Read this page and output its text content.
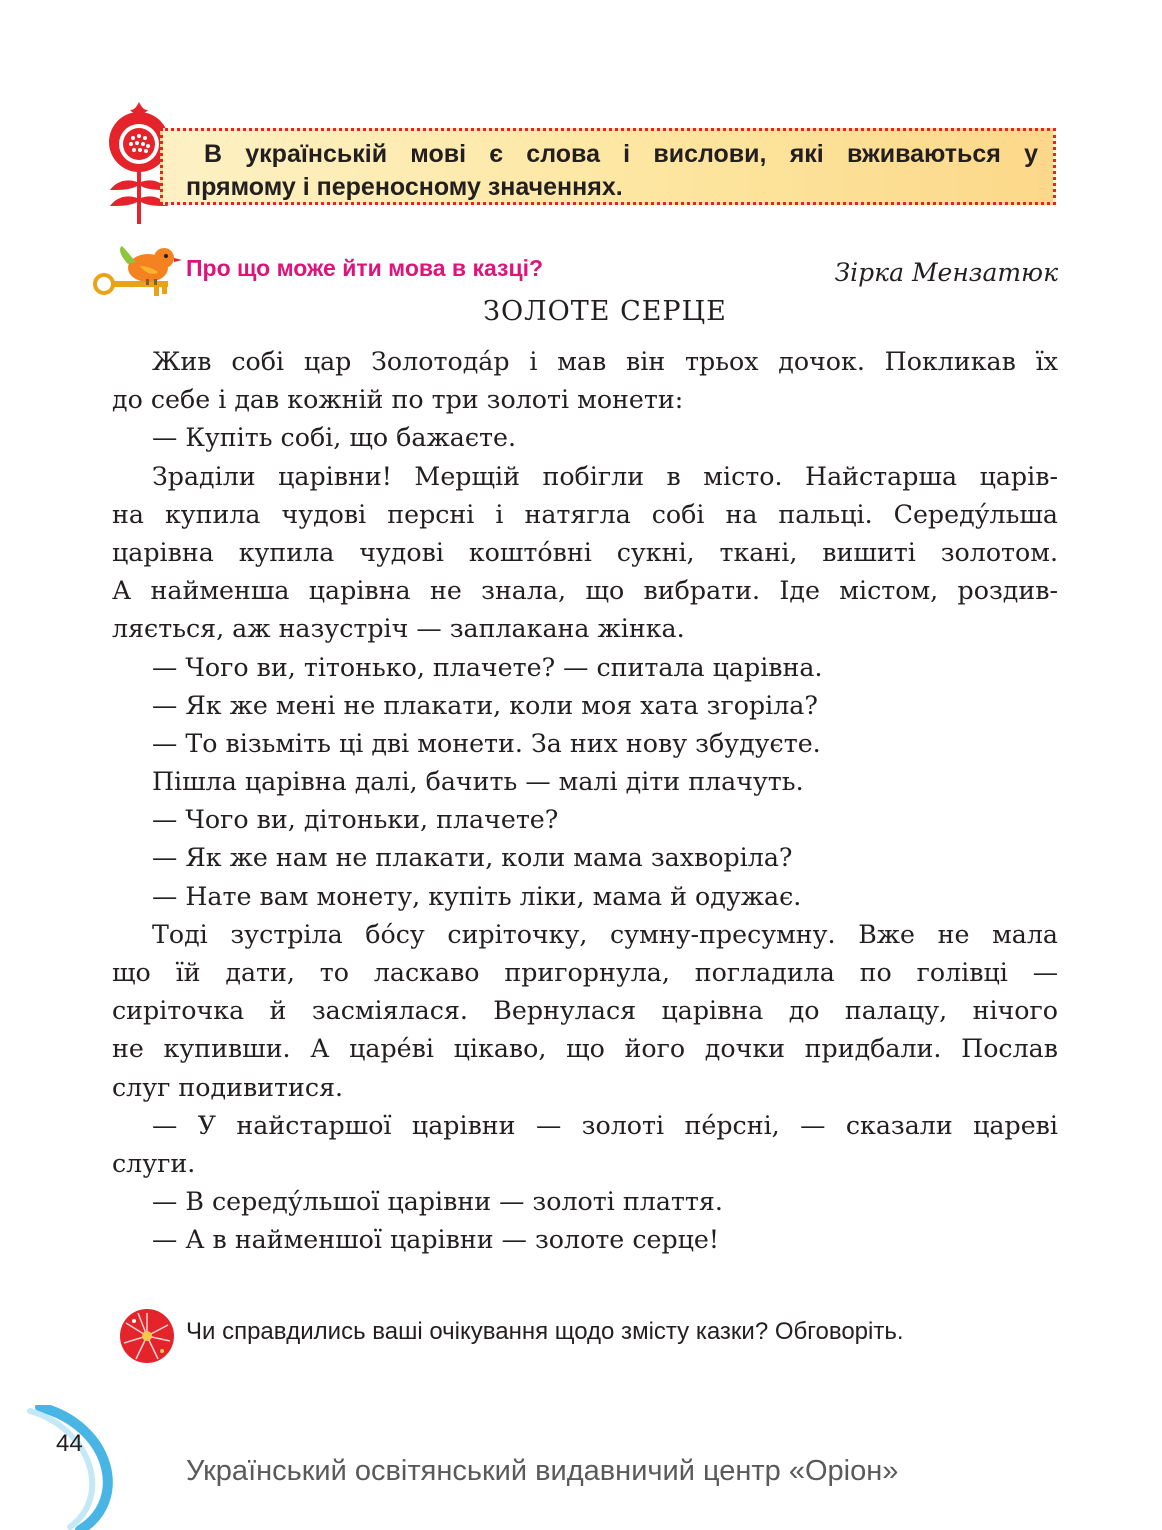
В українській мові є слова і вислови, які вживаються у
прямому і переносному значеннях.
Про що може йти мова в казці?	Зірка Мензатюк
ЗОЛОТЕ СЕРЦЕ
Жив собі цар Золотода́р і мав він трьох дочок. Покликав їх
до себе і дав кожній по три золоті монети:
— Купіть собі, що бажаєте.
Зраділи царівни! Мерщій побігли в місто. Найстарша царів-
на купила чудові персні і натягла собі на пальці. Середу́льша
царівна купила чудові кошто́вні сукні, ткані, вишиті золотом.
А найменша царівна не знала, що вибрати. Іде містом, роздив-
ляється, аж назустріч — заплакана жінка.
— Чого ви, тітонько, плачете? — спитала царівна.
— Як же мені не плакати, коли моя хата згоріла?
— То візьміть ці дві монети. За них нову збудуєте.
Пішла царівна далі, бачить — малі діти плачуть.
— Чого ви, дітоньки, плачете?
— Як же нам не плакати, коли мама захворіла?
— Нате вам монету, купіть ліки, мама й одужає.
Тоді зустріла бо́су сиріточку, сумну-пресумну. Вже не мала
що їй дати, то ласкаво пригорнула, погладила по голівці —
сиріточка й засміялася. Вернулася царівна до палацу, нічого
не купивши. А царе́ві цікаво, що його дочки придбали. Послав
слуг подивитися.
— У найстаршої царівни — золоті пе́рсні, — сказали цареві
слуги.
— В середу́льшої царівни — золоті плаття.
— А в найменшої царівни — золоте серце!
Чи справдились ваші очікування щодо змісту казки? Обговоріть.
44
Український освітянський видавничий центр «Оріон»
